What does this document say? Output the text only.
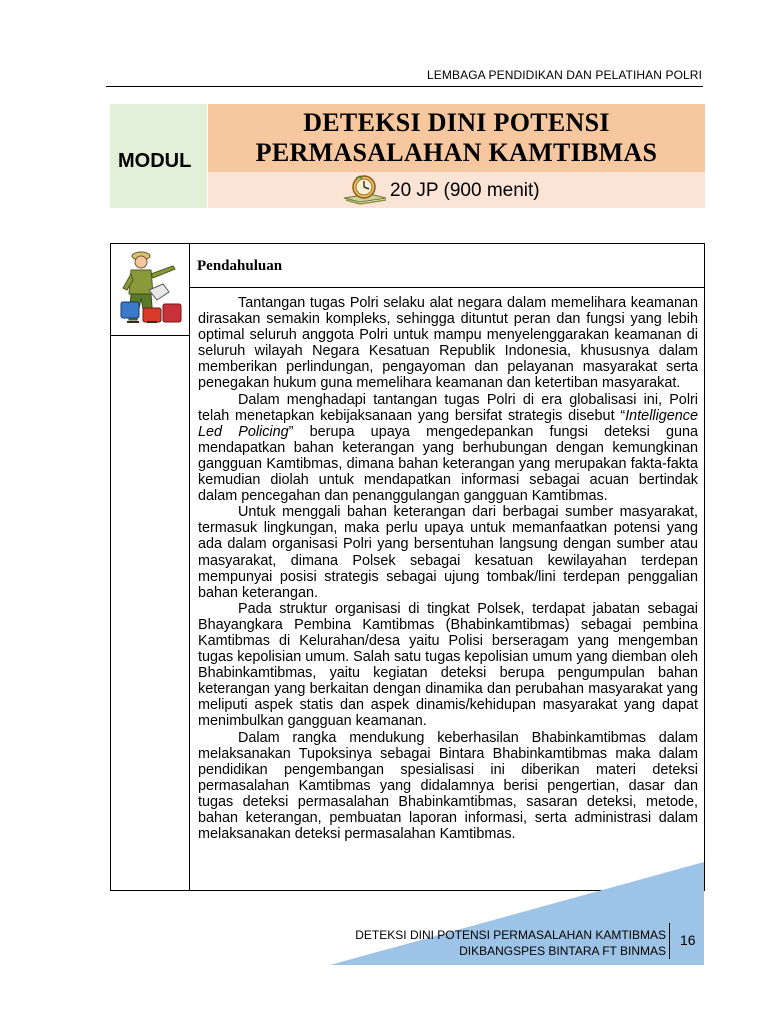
LEMBAGA PENDIDIKAN DAN PELATIHAN POLRI
MODUL
DETEKSI DINI POTENSI
PERMASALAHAN KAMTIBMAS
20 JP (900 menit)
Pendahuluan

Tantangan tugas Polri selaku alat negara dalam memelihara keamanan dirasakan semakin kompleks, sehingga dituntut peran dan fungsi yang lebih optimal seluruh anggota Polri untuk mampu menyelenggarakan keamanan di seluruh wilayah Negara Kesatuan Republik Indonesia, khususnya dalam memberikan perlindungan, pengayoman dan pelayanan masyarakat serta penegakan hukum guna memelihara keamanan dan ketertiban masyarakat.

Dalam menghadapi tantangan tugas Polri di era globalisasi ini, Polri telah menetapkan kebijaksanaan yang bersifat strategis disebut “Intelligence Led Policing” berupa upaya mengedepankan fungsi deteksi guna mendapatkan bahan keterangan yang berhubungan dengan kemungkinan gangguan Kamtibmas, dimana bahan keterangan yang merupakan fakta-fakta kemudian diolah untuk mendapatkan informasi sebagai acuan bertindak dalam pencegahan dan penanggulangan gangguan Kamtibmas.

Untuk menggali bahan keterangan dari berbagai sumber masyarakat, termasuk lingkungan, maka perlu upaya untuk memanfaatkan potensi yang ada dalam organisasi Polri yang bersentuhan langsung dengan sumber atau masyarakat, dimana Polsek sebagai kesatuan kewilayahan terdepan mempunyai posisi strategis sebagai ujung tombak/lini terdepan penggalian bahan keterangan.

Pada struktur organisasi di tingkat Polsek, terdapat jabatan sebagai Bhayangkara Pembina Kamtibmas (Bhabinkamtibmas) sebagai pembina Kamtibmas di Kelurahan/desa yaitu Polisi berseragam yang mengemban tugas kepolisian umum. Salah satu tugas kepolisian umum yang diemban oleh Bhabinkamtibmas, yaitu kegiatan deteksi berupa pengumpulan bahan keterangan yang berkaitan dengan dinamika dan perubahan masyarakat yang meliputi aspek statis dan aspek dinamis/kehidupan masyarakat yang dapat menimbulkan gangguan keamanan.

Dalam rangka mendukung keberhasilan Bhabinkamtibmas dalam melaksanakan Tupoksinya sebagai Bintara Bhabinkamtibmas maka dalam pendidikan pengembangan spesialisasi ini diberikan materi deteksi permasalahan Kamtibmas yang didalamnya berisi pengertian, dasar dan tugas deteksi permasalahan Bhabinkamtibmas, sasaran deteksi, metode, bahan keterangan, pembuatan laporan informasi, serta administrasi dalam melaksanakan deteksi permasalahan Kamtibmas.

DETEKSI DINI POTENSI PERMASALAHAN KAMTIBMAS
DIKBANGSPES BINTARA FT BINMAS
16
